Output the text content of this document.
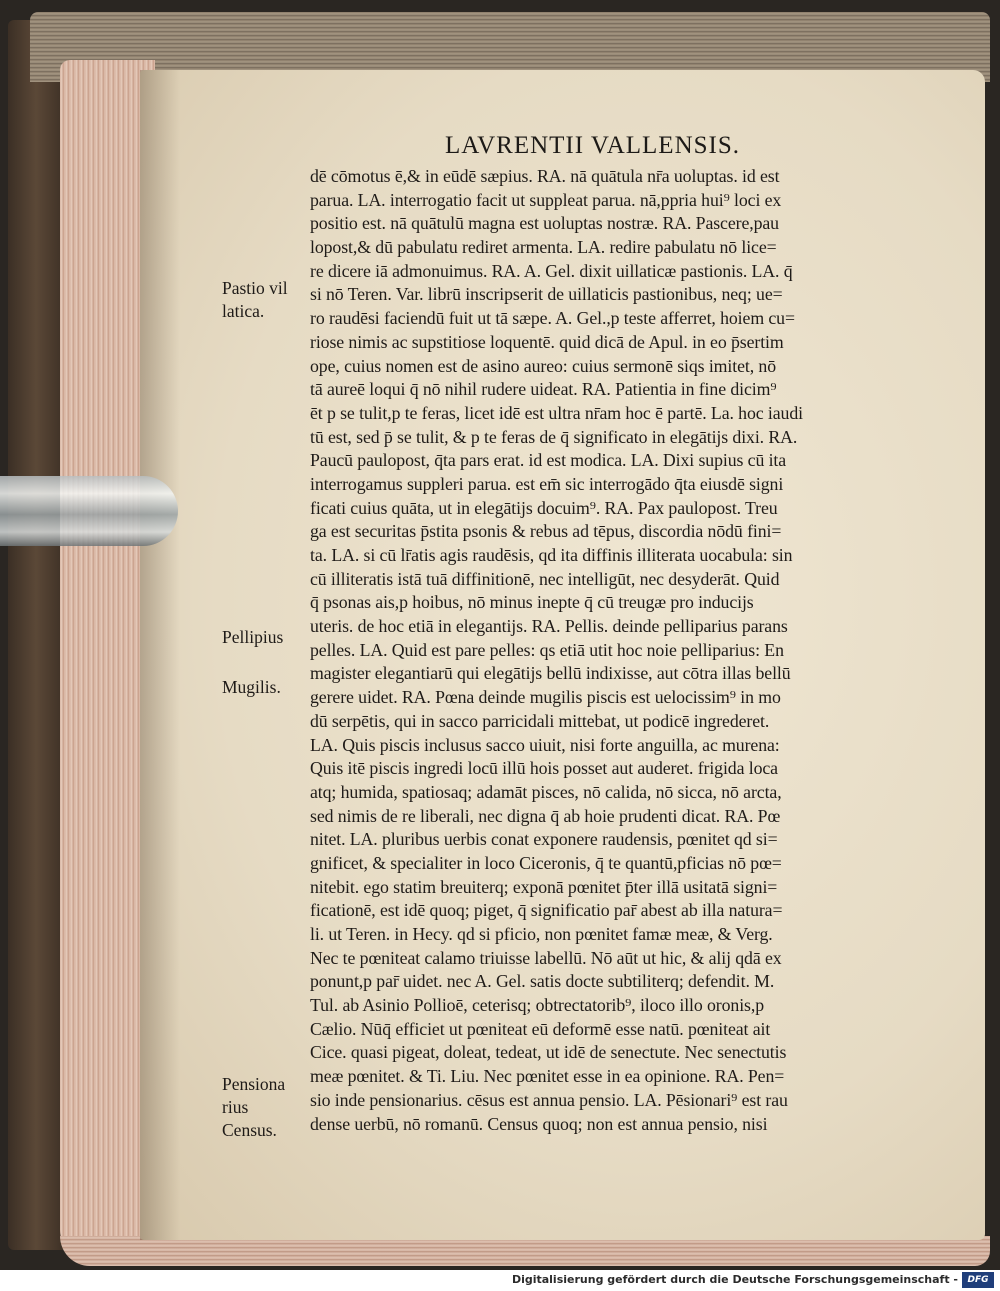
LAVRENTII VALLENSIS.
dē cōmotus ē,& in eūdē sæpius. RA. nā quātula nr̄a uoluptas. id est
parua. LA. interrogatio facit ut suppleat parua. nā,ppria hui⁹ loci ex
positio est. nā quātulū magna est uoluptas nostræ. RA. Pascere,pau
lopost,& dū pabulatu rediret armenta. LA. redire pabulatu nō lice=
re dicere iā admonuimus. RA. A. Gel. dixit uillaticæ pastionis. LA. q̄
si nō Teren. Var. librū inscripserit de uillaticis pastionibus, neq; ue=
ro raudēsi faciendū fuit ut tā sæpe. A. Gel.,p teste afferret, hoiem cu=
riose nimis ac supstitiose loquentē. quid dicā de Apul. in eo p̄sertim
ope, cuius nomen est de asino aureo: cuius sermonē siqs imitet, nō
tā aureē loqui q̄ nō nihil rudere uideat. RA. Patientia in fine dicim⁹
ēt p se tulit,p te feras, licet idē est ultra nr̄am hoc ē partē. La. hoc iaudi
tū est, sed p̄ se tulit, & p te feras de q̄ significato in elegātijs dixi. RA.
Paucū paulopost, q̄ta pars erat. id est modica. LA. Dixi supius cū ita
interrogamus suppleri parua. est em̄ sic interrogādo q̄ta eiusdē signi
ficati cuius quāta, ut in elegātijs docuim⁹. RA. Pax paulopost. Treu
ga est securitas p̄stita psonis & rebus ad tēpus, discordia nōdū fini=
ta. LA. si cū lr̄atis agis raudēsis, qd ita diffinis illiterata uocabula: sin
cū illiteratis istā tuā diffinitionē, nec intelligūt, nec desyderāt. Quid
q̄ psonas ais,p hoibus, nō minus inepte q̄ cū treugæ pro inducijs
uteris. de hoc etiā in elegantijs. RA. Pellis. deinde pelliparius parans
pelles. LA. Quid est pare pelles: qs etiā utit hoc noie pelliparius: En
magister elegantiarū qui elegātijs bellū indixisse, aut cōtra illas bellū
gerere uidet. RA. Pœna deinde mugilis piscis est uelocissim⁹ in mo
dū serpētis, qui in sacco parricidali mittebat, ut podicē ingrederet.
LA. Quis piscis inclusus sacco uiuit, nisi forte anguilla, ac murena:
Quis itē piscis ingredi locū illū hois posset aut auderet. frigida loca
atq; humida, spatiosaq; adamāt pisces, nō calida, nō sicca, nō arcta,
sed nimis de re liberali, nec digna q̄ ab hoie prudenti dicat. RA. Pœ
nitet. LA. pluribus uerbis conat exponere raudensis, pœnitet qd si=
gnificet, & specialiter in loco Ciceronis, q̄ te quantū,pficias nō pœ=
nitebit. ego statim breuiterq; exponā pœnitet p̄ter illā usitatā signi=
ficationē, est idē quoq; piget, q̄ significatio par̄ abest ab illa natura=
li. ut Teren. in Hecy. qd si pficio, non pœnitet famæ meæ, & Verg.
Nec te pœniteat calamo triuisse labellū. Nō aūt ut hic, & alij qdā ex
ponunt,p par̄ uidet. nec A. Gel. satis docte subtiliterq; defendit. M.
Tul. ab Asinio Pollioē, ceterisq; obtrectatorib⁹, iloco illo oronis,p
Cælio. Nūq̄ efficiet ut pœniteat eū deformē esse natū. pœniteat ait
Cice. quasi pigeat, doleat, tedeat, ut idē de senectute. Nec senectutis
meæ pœnitet. & Ti. Liu. Nec pœnitet esse in ea opinione. RA. Pen=
sio inde pensionarius. cēsus est annua pensio. LA. Pēsionari⁹ est rau
dense uerbū, nō romanū. Census quoq; non est annua pensio, nisi
Pastio vil
latica.
Pellipius
Mugilis.
Pensiona
rius
Census.
Digitalisierung gefördert durch die Deutsche Forschungsgemeinschaft - DFG
